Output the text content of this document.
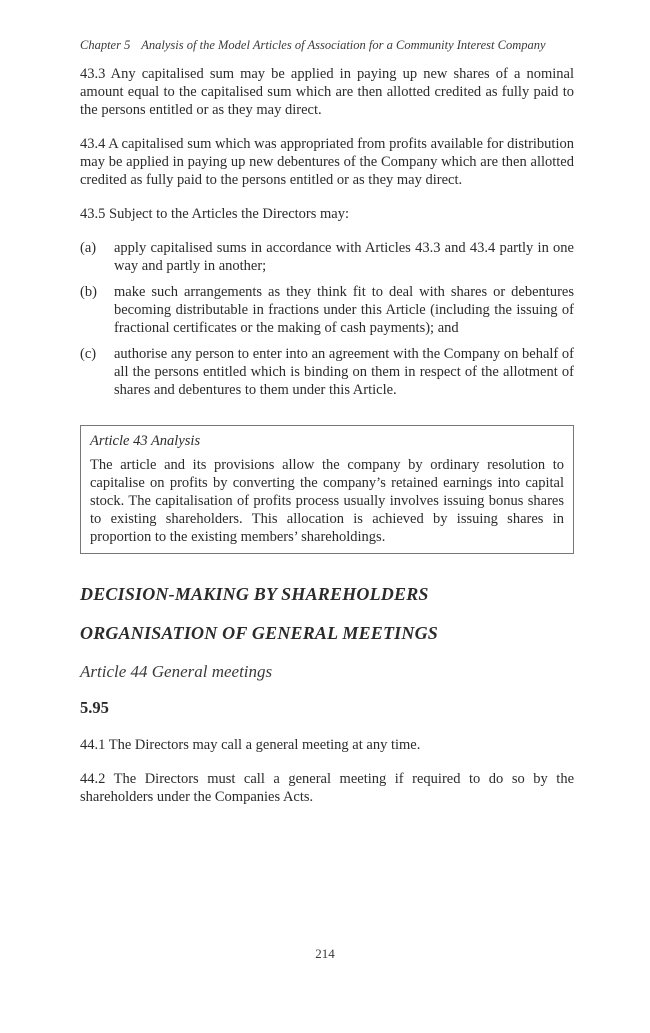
Chapter 5 Analysis of the Model Articles of Association for a Community Interest Company

43.3 Any capitalised sum may be applied in paying up new shares of a nominal amount equal to the capitalised sum which are then allotted credited as fully paid to the persons entitled or as they may direct.

43.4 A capitalised sum which was appropriated from profits available for distribution may be applied in paying up new debentures of the Company which are then allotted credited as fully paid to the persons entitled or as they may direct.

43.5 Subject to the Articles the Directors may:

(a)	apply capitalised sums in accordance with Articles 43.3 and 43.4 partly in one way and partly in another;
(b)	make such arrangements as they think fit to deal with shares or debentures becoming distributable in fractions under this Article (including the issuing of fractional certificates or the making of cash payments); and
(c)	authorise any person to enter into an agreement with the Company on behalf of all the persons entitled which is binding on them in respect of the allotment of shares and debentures to them under this Article.
Article 43 Analysis
The article and its provisions allow the company by ordinary resolution to capitalise on profits by converting the company’s retained earnings into capital stock. The capitalisation of profits process usually involves issuing bonus shares to existing shareholders. This allocation is achieved by issuing shares in proportion to the existing members’ shareholdings.
DECISION-MAKING BY SHAREHOLDERS
ORGANISATION OF GENERAL MEETINGS
Article 44 General meetings
5.95

44.1 The Directors may call a general meeting at any time.

44.2 The Directors must call a general meeting if required to do so by the shareholders under the Companies Acts.

214
